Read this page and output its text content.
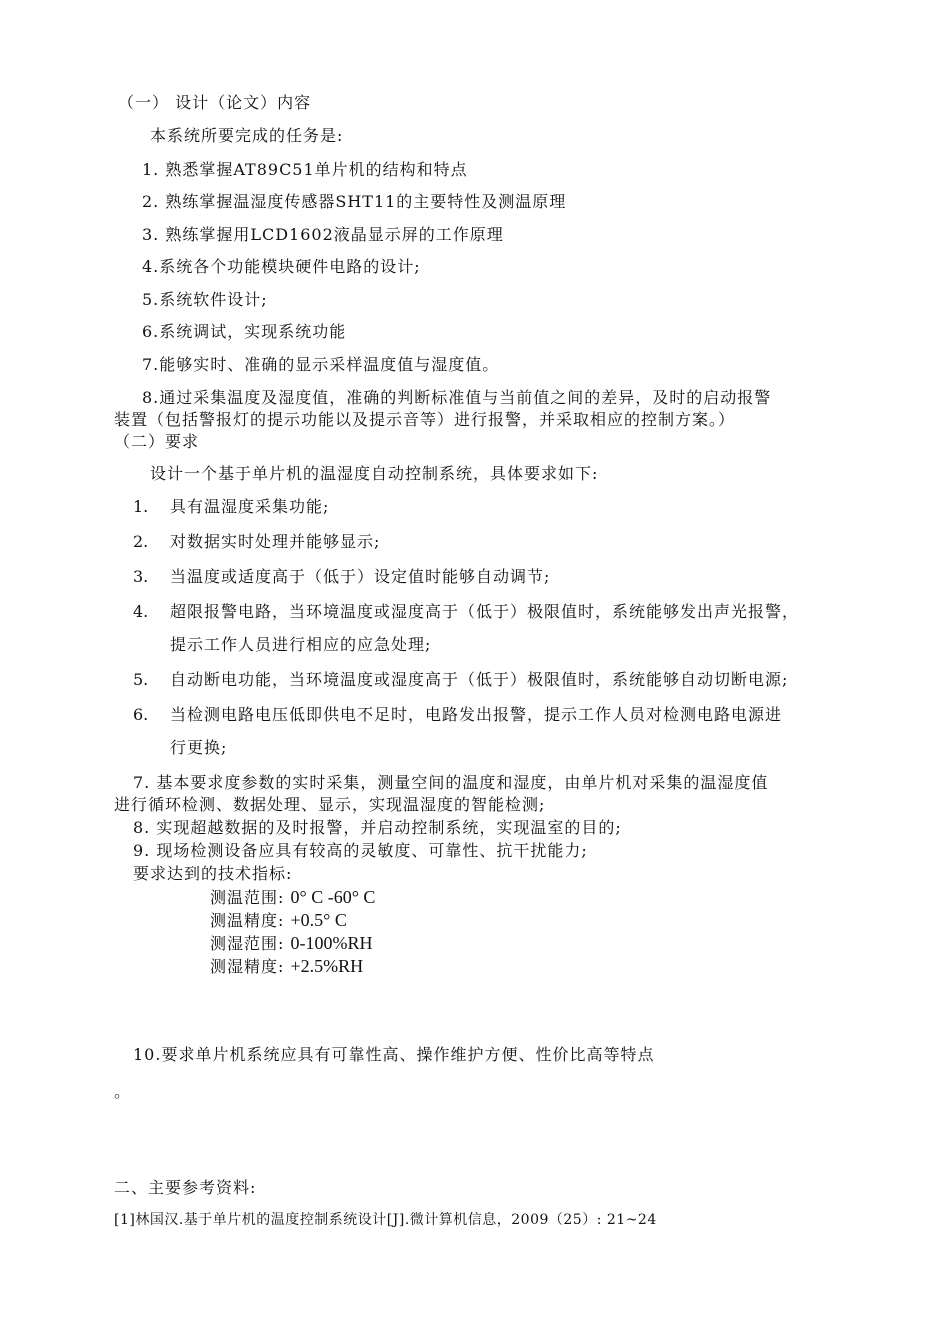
（一） 设计（论文）内容
本系统所要完成的任务是:
1. 熟悉掌握AT89C51单片机的结构和特点
2. 熟练掌握温湿度传感器SHT11的主要特性及测温原理
3. 熟练掌握用LCD1602液晶显示屏的工作原理
4.系统各个功能模块硬件电路的设计;
5.系统软件设计;
6.系统调试，实现系统功能
7.能够实时、准确的显示采样温度值与湿度值。
8.通过采集温度及湿度值，准确的判断标准值与当前值之间的差异，及时的启动报警
装置（包括警报灯的提示功能以及提示音等）进行报警，并采取相应的控制方案。）
（二）要求
设计一个基于单片机的温湿度自动控制系统，具体要求如下:
1. 具有温湿度采集功能;
2. 对数据实时处理并能够显示;
3. 当温度或适度高于（低于）设定值时能够自动调节;
4. 超限报警电路，当环境温度或湿度高于（低于）极限值时，系统能够发出声光报警，
提示工作人员进行相应的应急处理;
5. 自动断电功能，当环境温度或湿度高于（低于）极限值时，系统能够自动切断电源;
6. 当检测电路电压低即供电不足时，电路发出报警，提示工作人员对检测电路电源进
行更换;
7. 基本要求度参数的实时采集，测量空间的温度和湿度，由单片机对采集的温湿度值
进行循环检测、数据处理、显示，实现温湿度的智能检测;
8. 实现超越数据的及时报警，并启动控制系统，实现温室的目的;
9. 现场检测设备应具有较高的灵敏度、可靠性、抗干扰能力;
要求达到的技术指标:
测温范围: 0° C -60° C
测温精度: +0.5° C
测湿范围: 0-100%RH
测湿精度: +2.5%RH
10.要求单片机系统应具有可靠性高、操作维护方便、性价比高等特点
。
二、主要参考资料:
[1]林国汉.基于单片机的温度控制系统设计[J].微计算机信息，2009（25）: 21~24
